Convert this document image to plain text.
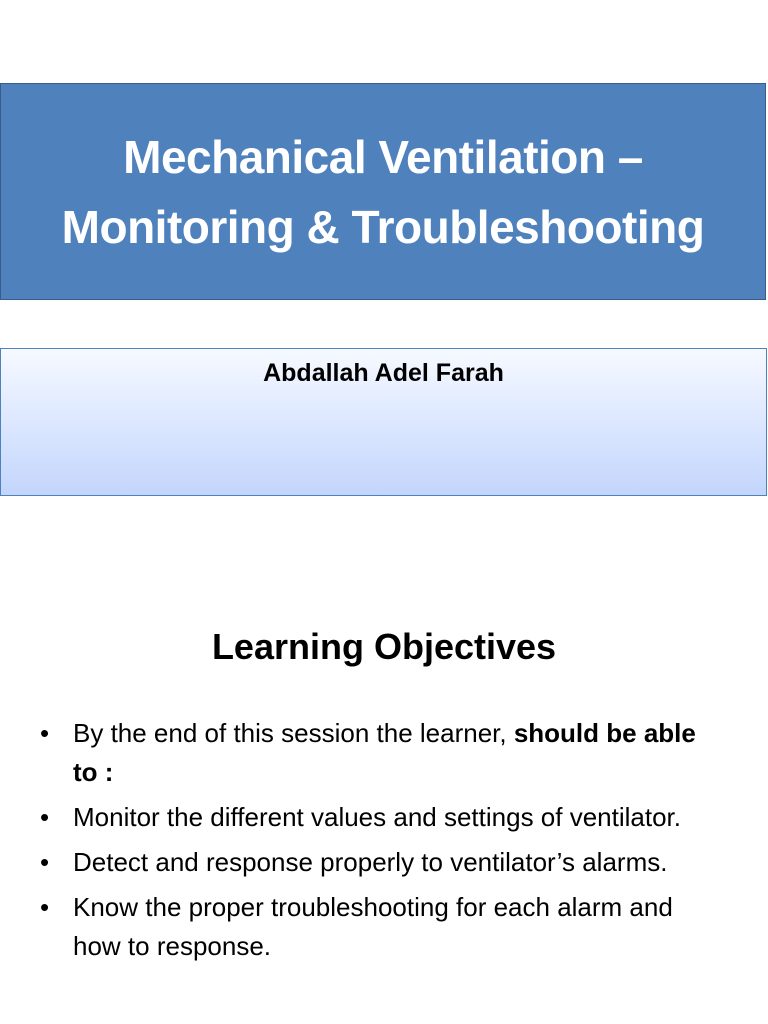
Mechanical Ventilation –
Monitoring & Troubleshooting
Abdallah Adel Farah
Learning Objectives
• By the end of this session the learner, should be able to :
• Monitor the different values and settings of ventilator.
• Detect and response properly to ventilator’s alarms.
• Know the proper troubleshooting for each alarm and how to response.
